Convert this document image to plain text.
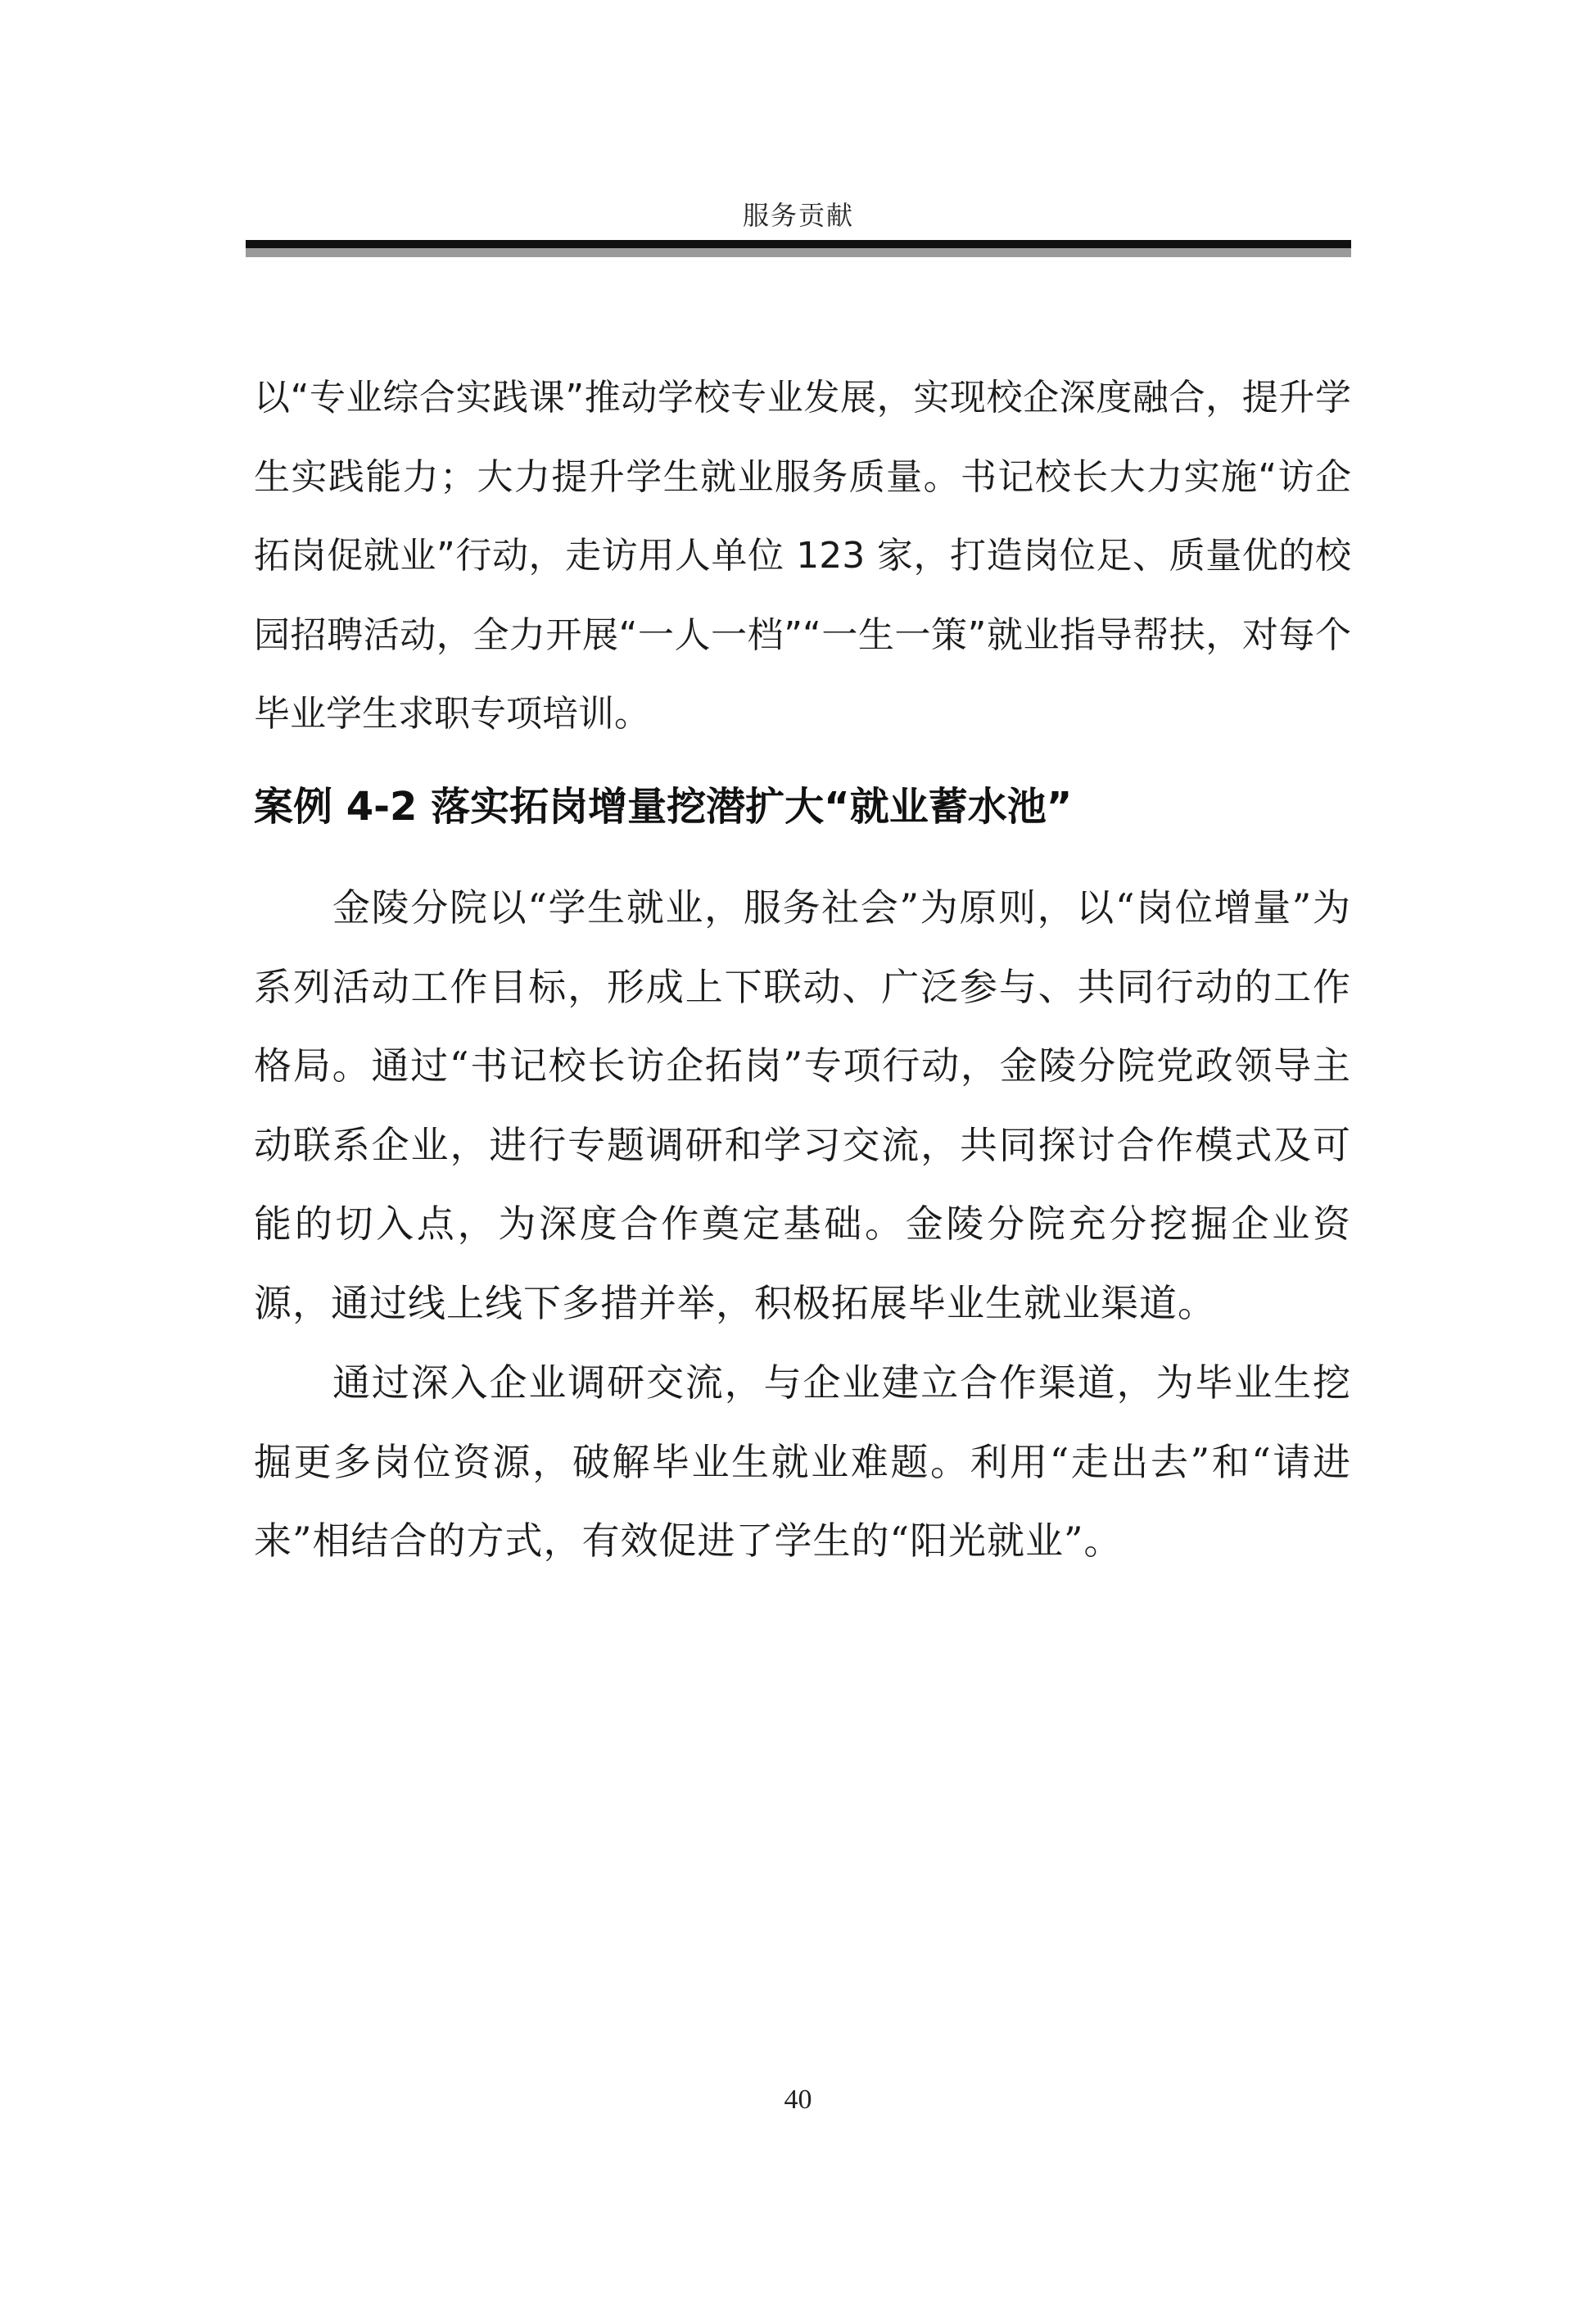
服务贡献
以“专业综合实践课”推动学校专业发展，实现校企深度融合，提升学生实践能力；大力提升学生就业服务质量。书记校长大力实施“访企拓岗促就业”行动，走访用人单位 123 家，打造岗位足、质量优的校园招聘活动，全力开展“一人一档”“一生一策”就业指导帮扶，对每个毕业学生求职专项培训。
案例 4-2 落实拓岗增量挖潜扩大“就业蓄水池”
金陵分院以“学生就业，服务社会”为原则，以“岗位增量”为系列活动工作目标，形成上下联动、广泛参与、共同行动的工作格局。通过“书记校长访企拓岗”专项行动，金陵分院党政领导主动联系企业，进行专题调研和学习交流，共同探讨合作模式及可能的切入点，为深度合作奠定基础。金陵分院充分挖掘企业资源，通过线上线下多措并举，积极拓展毕业生就业渠道。
通过深入企业调研交流，与企业建立合作渠道，为毕业生挖掘更多岗位资源，破解毕业生就业难题。利用“走出去”和“请进来”相结合的方式，有效促进了学生的“阳光就业”。
40
